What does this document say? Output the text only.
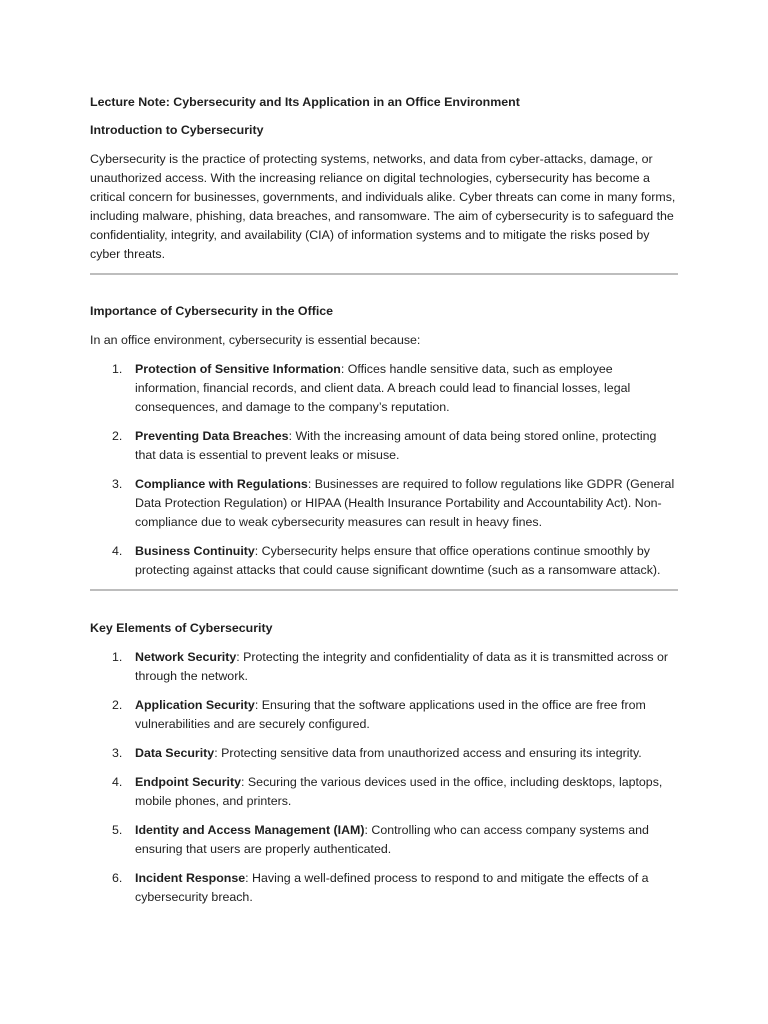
Lecture Note: Cybersecurity and Its Application in an Office Environment
Introduction to Cybersecurity

Cybersecurity is the practice of protecting systems, networks, and data from cyber-attacks, damage, or unauthorized access. With the increasing reliance on digital technologies, cybersecurity has become a critical concern for businesses, governments, and individuals alike. Cyber threats can come in many forms, including malware, phishing, data breaches, and ransomware. The aim of cybersecurity is to safeguard the confidentiality, integrity, and availability (CIA) of information systems and to mitigate the risks posed by cyber threats.

Importance of Cybersecurity in the Office
In an office environment, cybersecurity is essential because:
1. Protection of Sensitive Information: Offices handle sensitive data, such as employee information, financial records, and client data. A breach could lead to financial losses, legal consequences, and damage to the company’s reputation.
2. Preventing Data Breaches: With the increasing amount of data being stored online, protecting that data is essential to prevent leaks or misuse.
3. Compliance with Regulations: Businesses are required to follow regulations like GDPR (General Data Protection Regulation) or HIPAA (Health Insurance Portability and Accountability Act). Non-compliance due to weak cybersecurity measures can result in heavy fines.
4. Business Continuity: Cybersecurity helps ensure that office operations continue smoothly by protecting against attacks that could cause significant downtime (such as a ransomware attack).
Key Elements of Cybersecurity
1. Network Security: Protecting the integrity and confidentiality of data as it is transmitted across or through the network.
2. Application Security: Ensuring that the software applications used in the office are free from vulnerabilities and are securely configured.
3. Data Security: Protecting sensitive data from unauthorized access and ensuring its integrity.
4. Endpoint Security: Securing the various devices used in the office, including desktops, laptops, mobile phones, and printers.
5. Identity and Access Management (IAM): Controlling who can access company systems and ensuring that users are properly authenticated.
6. Incident Response: Having a well-defined process to respond to and mitigate the effects of a cybersecurity breach.
